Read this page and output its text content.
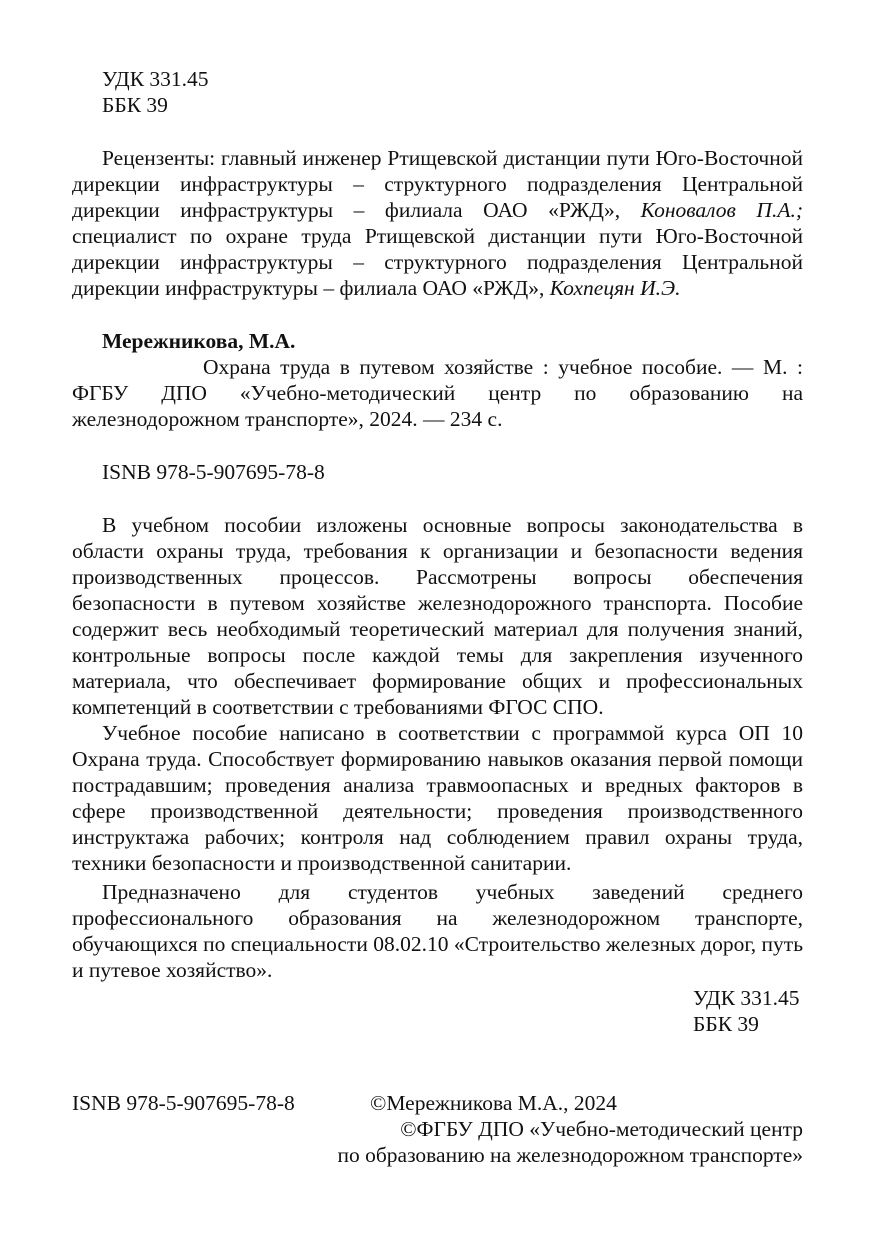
УДК 331.45
ББК 39
Рецензенты: главный инженер Ртищевской дистанции пути Юго-Восточной дирекции инфраструктуры – структурного подразделения Центральной дирекции инфраструктуры – филиала ОАО «РЖД», Коновалов П.А.; специалист по охране труда Ртищевской дистанции пути Юго-Восточной дирекции инфраструктуры – структурного подразделения Центральной дирекции инфраструктуры – филиала ОАО «РЖД», Кохпецян И.Э.
Мережникова, М.А.
Охрана труда в путевом хозяйстве : учебное пособие. — М. : ФГБУ ДПО «Учебно-методический центр по образованию на железнодорожном транспорте», 2024. — 234 с.
ISNB 978-5-907695-78-8
В учебном пособии изложены основные вопросы законодательства в области охраны труда, требования к организации и безопасности ведения производственных процессов. Рассмотрены вопросы обеспечения безопасности в путевом хозяйстве железнодорожного транспорта. Пособие содержит весь необходимый теоретический материал для получения знаний, контрольные вопросы после каждой темы для закрепления изученного материала, что обеспечивает формирование общих и профессиональных компетенций в соответствии с требованиями ФГОС СПО.
Учебное пособие написано в соответствии с программой курса ОП 10 Охрана труда. Способствует формированию навыков оказания первой помощи пострадавшим; проведения анализа травмоопасных и вредных факторов в сфере производственной деятельности; проведения производственного инструктажа рабочих; контроля над соблюдением правил охраны труда, техники безопасности и производственной санитарии.
Предназначено для студентов учебных заведений среднего профессионального образования на железнодорожном транспорте, обучающихся по специальности 08.02.10 «Строительство железных дорог, путь и путевое хозяйство».
УДК 331.45
ББК 39
ISNB 978-5-907695-78-8	©Мережникова М.А., 2024
©ФГБУ ДПО «Учебно-методический центр
по образованию на железнодорожном транспорте»
